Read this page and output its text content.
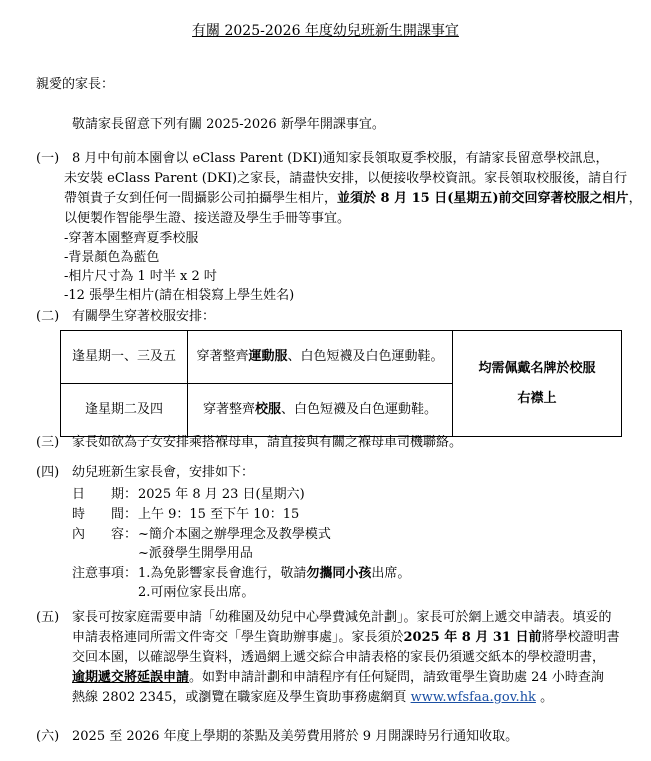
有關 2025-2026 年度幼兒班新生開課事宜
親愛的家長：
敬請家長留意下列有關 2025-2026 新學年開課事宜。
(一) 8 月中旬前本園會以 eClass Parent (DKI)通知家長領取夏季校服，有請家長留意學校訊息，
未安裝 eClass Parent (DKI)之家長，請盡快安排，以便接收學校資訊。家長領取校服後，請自行
帶領貴子女到任何一間攝影公司拍攝學生相片，並須於 8 月 15 日(星期五)前交回穿著校服之相片，
以便製作智能學生證、接送證及學生手冊等事宜。
-穿著本園整齊夏季校服
-背景顏色為藍色
-相片尺寸為 1 吋半 x 2 吋
-12 張學生相片(請在相袋寫上學生姓名)
(二) 有關學生穿著校服安排：
逢星期一、三及五	穿著整齊運動服、白色短襪及白色運動鞋。	均需佩戴名牌於校服
右襟上

逢星期二及四	穿著整齊校服、白色短襪及白色運動鞋。	
(三) 家長如欲為子女安排乘搭褓母車，請直接與有關之褓母車司機聯絡。
(四) 幼兒班新生家長會，安排如下：
日　　期： 2025 年 8 月 23 日(星期六)
時　　間： 上午 9：15 至下午 10：15
內　　容： ~簡介本園之辦學理念及教學模式
~派發學生開學用品
注意事項： 1.為免影響家長會進行，敬請勿攜同小孩出席。
2.可兩位家長出席。
(五) 家長可按家庭需要申請「幼稚園及幼兒中心學費減免計劃」。家長可於網上遞交申請表。填妥的
申請表格連同所需文件寄交「學生資助辦事處」。家長須於2025 年 8 月 31 日前將學校證明書
交回本園，以確認學生資料，透過網上遞交綜合申請表格的家長仍須遞交紙本的學校證明書，
逾期遞交將延誤申請。如對申請計劃和申請程序有任何疑問，請致電學生資助處 24 小時查詢
熱線 2802 2345，或瀏覽在職家庭及學生資助事務處網頁 www.wfsfaa.gov.hk 。
(六) 2025 至 2026 年度上學期的茶點及美勞費用將於 9 月開課時另行通知收取。
